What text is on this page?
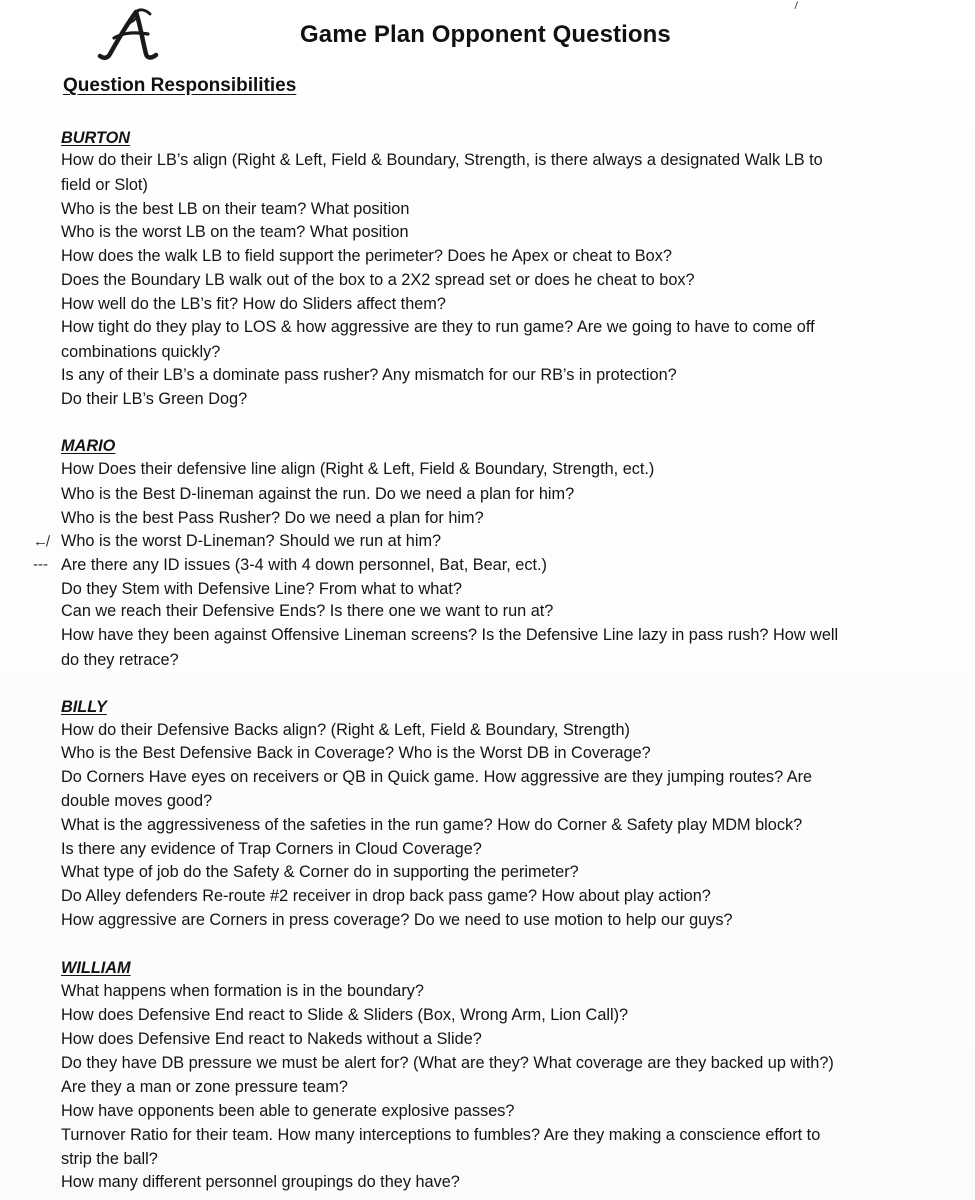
Game Plan Opponent Questions
Question Responsibilities
BURTON
How do their LB’s align (Right & Left, Field & Boundary, Strength, is there always a designated Walk LB to
field or Slot)
Who is the best LB on their team? What position
Who is the worst LB on the team? What position
How does the walk LB to field support the perimeter? Does he Apex or cheat to Box?
Does the Boundary LB walk out of the box to a 2X2 spread set or does he cheat to box?
How well do the LB’s fit? How do Sliders affect them?
How tight do they play to LOS & how aggressive are they to run game? Are we going to have to come off
combinations quickly?
Is any of their LB’s a dominate pass rusher? Any mismatch for our RB’s in protection?
Do their LB’s Green Dog?
MARIO
How Does their defensive line align (Right & Left, Field & Boundary, Strength, ect.)
Who is the Best D-lineman against the run. Do we need a plan for him?
Who is the best Pass Rusher? Do we need a plan for him?
↚ Who is the worst D-Lineman? Should we run at him?
--- Are there any ID issues (3-4 with 4 down personnel, Bat, Bear, ect.)
Do they Stem with Defensive Line? From what to what?
Can we reach their Defensive Ends? Is there one we want to run at?
How have they been against Offensive Lineman screens? Is the Defensive Line lazy in pass rush? How well
do they retrace?
BILLY
How do their Defensive Backs align? (Right & Left, Field & Boundary, Strength)
Who is the Best Defensive Back in Coverage? Who is the Worst DB in Coverage?
Do Corners Have eyes on receivers or QB in Quick game. How aggressive are they jumping routes? Are
double moves good?
What is the aggressiveness of the safeties in the run game? How do Corner & Safety play MDM block?
Is there any evidence of Trap Corners in Cloud Coverage?
What type of job do the Safety & Corner do in supporting the perimeter?
Do Alley defenders Re-route #2 receiver in drop back pass game? How about play action?
How aggressive are Corners in press coverage? Do we need to use motion to help our guys?
WILLIAM
What happens when formation is in the boundary?
How does Defensive End react to Slide & Sliders (Box, Wrong Arm, Lion Call)?
How does Defensive End react to Nakeds without a Slide?
Do they have DB pressure we must be alert for? (What are they? What coverage are they backed up with?)
Are they a man or zone pressure team?
How have opponents been able to generate explosive passes?
Turnover Ratio for their team. How many interceptions to fumbles? Are they making a conscience effort to
strip the ball?
How many different personnel groupings do they have?
